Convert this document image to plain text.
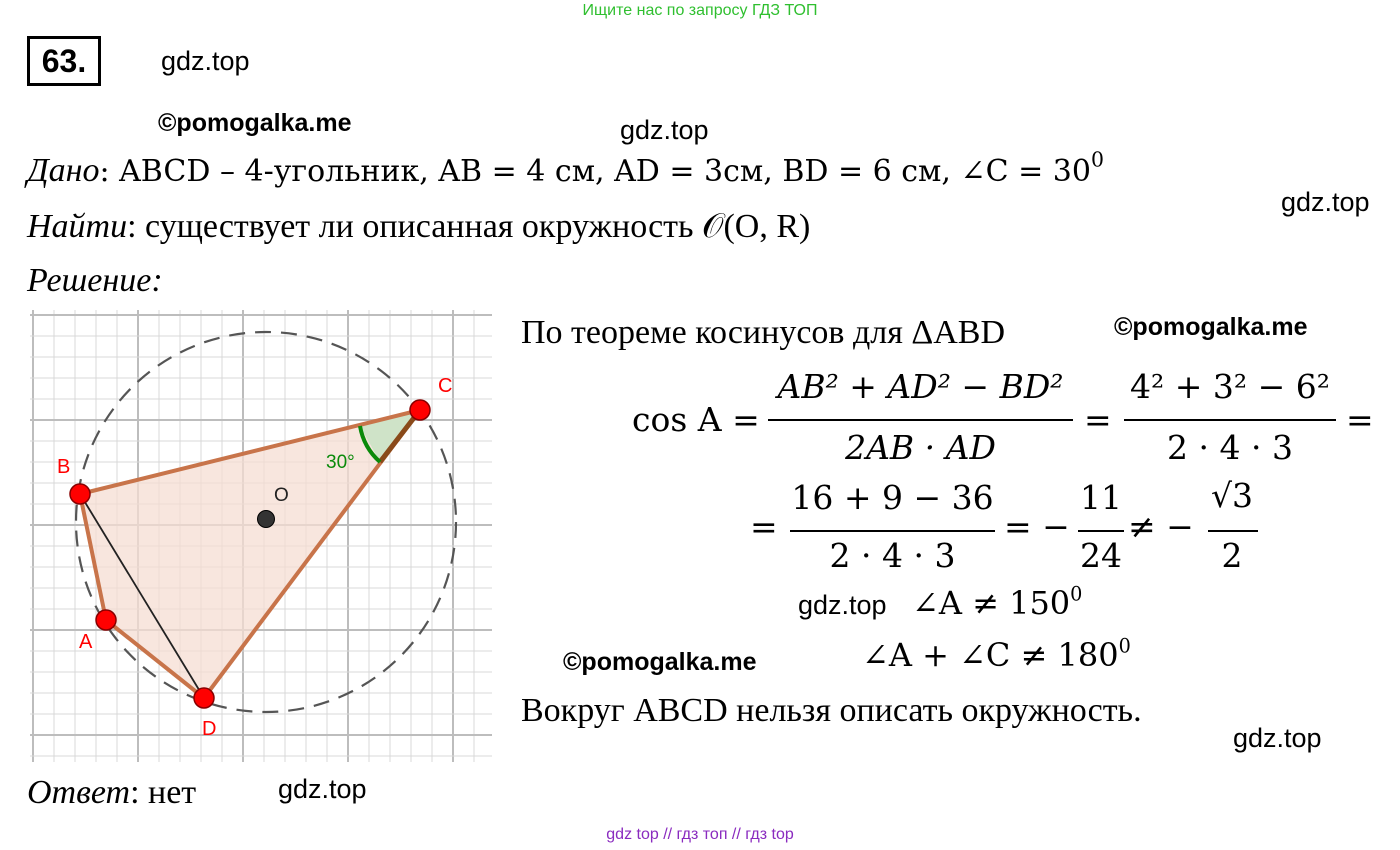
Ищите нас по запросу ГДЗ ТОП
63.	gdz.top
©pomogalka.me	gdz.top
gdz.top
©pomogalka.me
©pomogalka.me
gdz.top
gdz.top
Дано: ABCD – 4-угольник, AB = 4 см, AD = 3см, BD = 6 см, ∠C = $30^0$
Найти: существует ли описанная окружность 𝒪(O, R)
Решение:
30°
O
A
B
C
D
По теореме косинусов для ΔABD
cos A =
AB² + AD² − BD²
2AB · AD
=
4² + 3² − 6²
2 · 4 · 3
=
=
16 + 9 − 36
2 · 4 · 3
= −
11
24
≠ −
√3
2
gdz.top ∠A ≠ $150^0$
∠A + ∠C ≠ $180^0$
Вокруг ABCD нельзя описать окружность.
Ответ: нет
gdz top // гдз топ // гдз top
